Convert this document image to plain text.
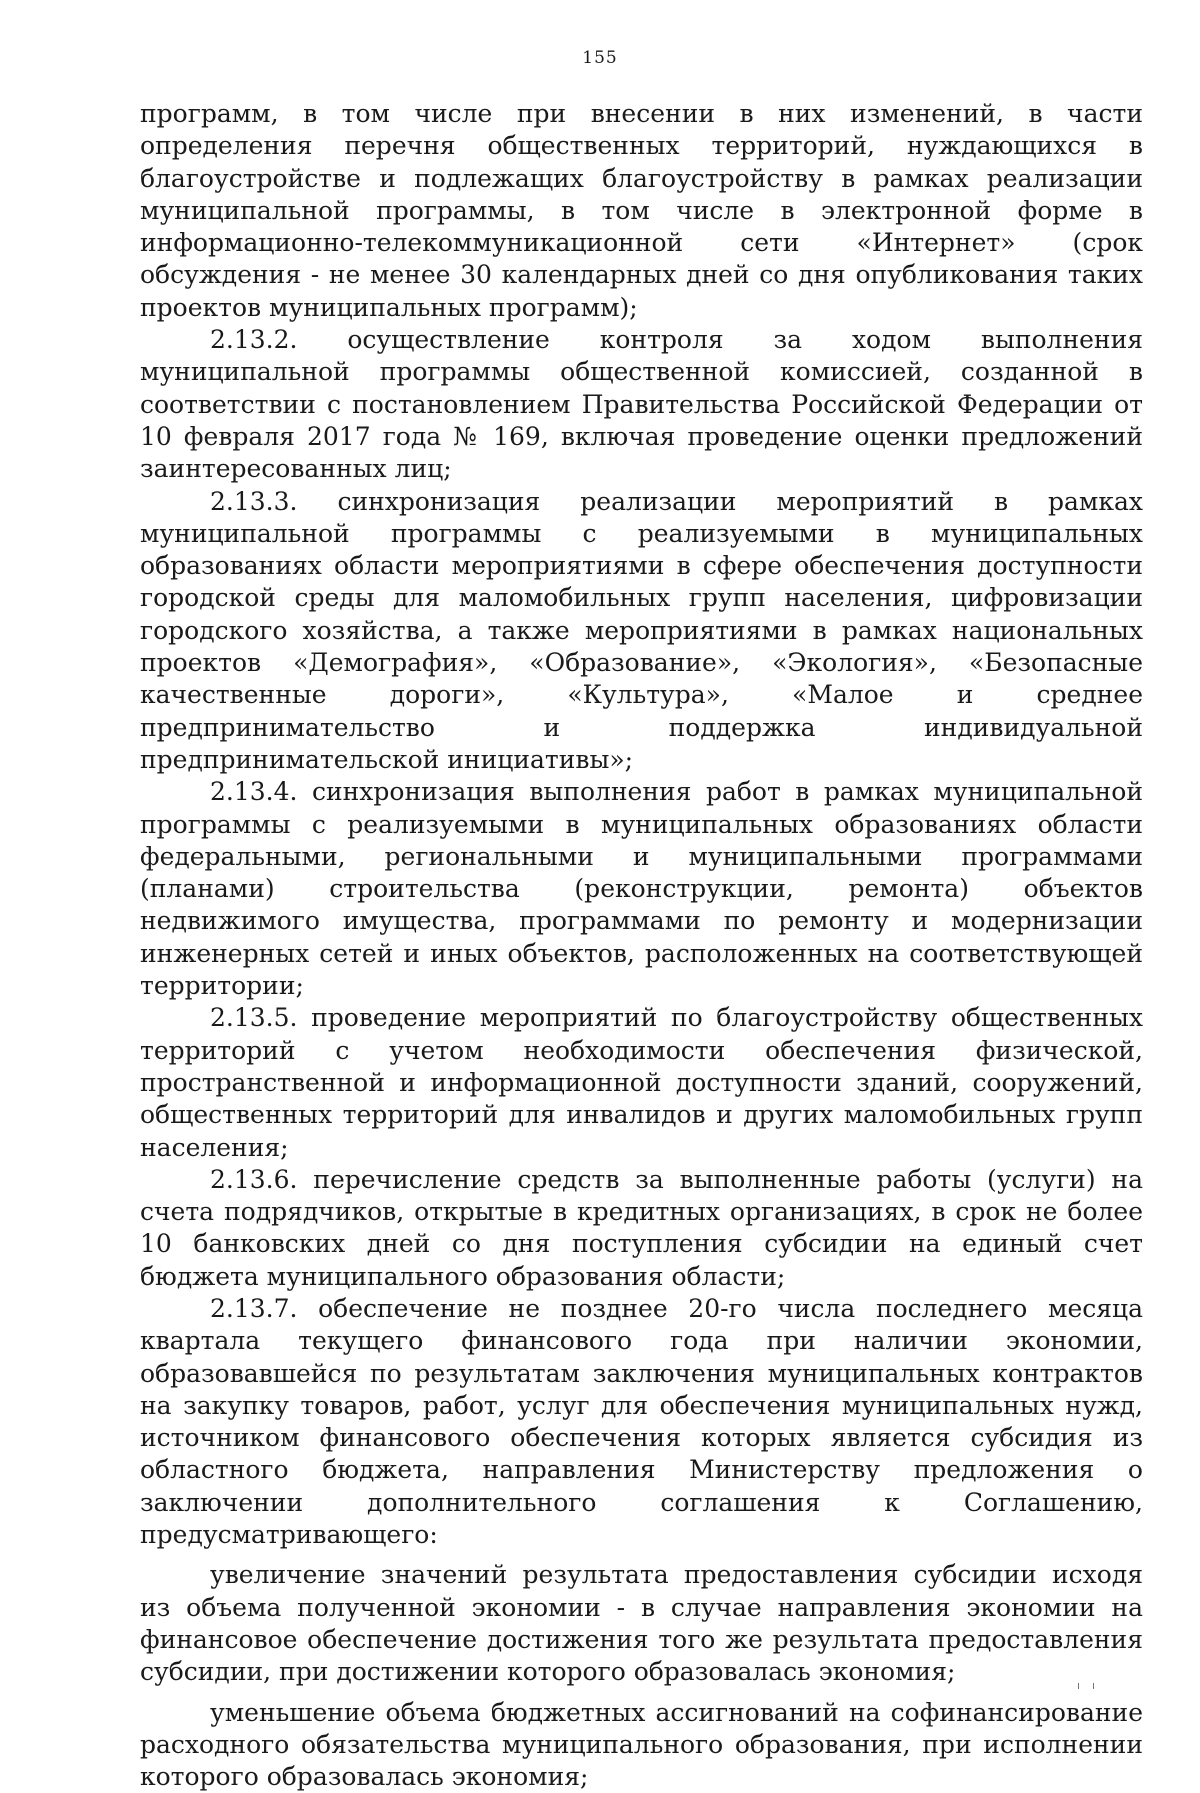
155

программ, в том числе при внесении в них изменений, в части определения перечня общественных территорий, нуждающихся в благоустройстве и подлежащих благоустройству в рамках реализации муниципальной программы, в том числе в электронной форме в информационно-телекоммуникационной сети «Интернет» (срок обсуждения - не менее 30 календарных дней со дня опубликования таких проектов муниципальных программ);

2.13.2. осуществление контроля за ходом выполнения муниципальной программы общественной комиссией, созданной в соответствии с постановлением Правительства Российской Федерации от 10 февраля 2017 года № 169, включая проведение оценки предложений заинтересованных лиц;

2.13.3. синхронизация реализации мероприятий в рамках муниципальной программы с реализуемыми в муниципальных образованиях области мероприятиями в сфере обеспечения доступности городской среды для маломобильных групп населения, цифровизации городского хозяйства, а также мероприятиями в рамках национальных проектов «Демография», «Образование», «Экология», «Безопасные качественные дороги», «Культура», «Малое и среднее предпринимательство и поддержка индивидуальной предпринимательской инициативы»;

2.13.4. синхронизация выполнения работ в рамках муниципальной программы с реализуемыми в муниципальных образованиях области федеральными, региональными и муниципальными программами (планами) строительства (реконструкции, ремонта) объектов недвижимого имущества, программами по ремонту и модернизации инженерных сетей и иных объектов, расположенных на соответствующей территории;

2.13.5. проведение мероприятий по благоустройству общественных территорий с учетом необходимости обеспечения физической, пространственной и информационной доступности зданий, сооружений, общественных территорий для инвалидов и других маломобильных групп населения;

2.13.6. перечисление средств за выполненные работы (услуги) на счета подрядчиков, открытые в кредитных организациях, в срок не более 10 банковских дней со дня поступления субсидии на единый счет бюджета муниципального образования области;

2.13.7. обеспечение не позднее 20-го числа последнего месяца квартала текущего финансового года при наличии экономии, образовавшейся по результатам заключения муниципальных контрактов на закупку товаров, работ, услуг для обеспечения муниципальных нужд, источником финансового обеспечения которых является субсидия из областного бюджета, направления Министерству предложения о заключении дополнительного соглашения к Соглашению, предусматривающего:

увеличение значений результата предоставления субсидии исходя из объема полученной экономии - в случае направления экономии на финансовое обеспечение достижения того же результата предоставления субсидии, при достижении которого образовалась экономия;

уменьшение объема бюджетных ассигнований на софинансирование расходного обязательства муниципального образования, при исполнении которого образовалась экономия;
